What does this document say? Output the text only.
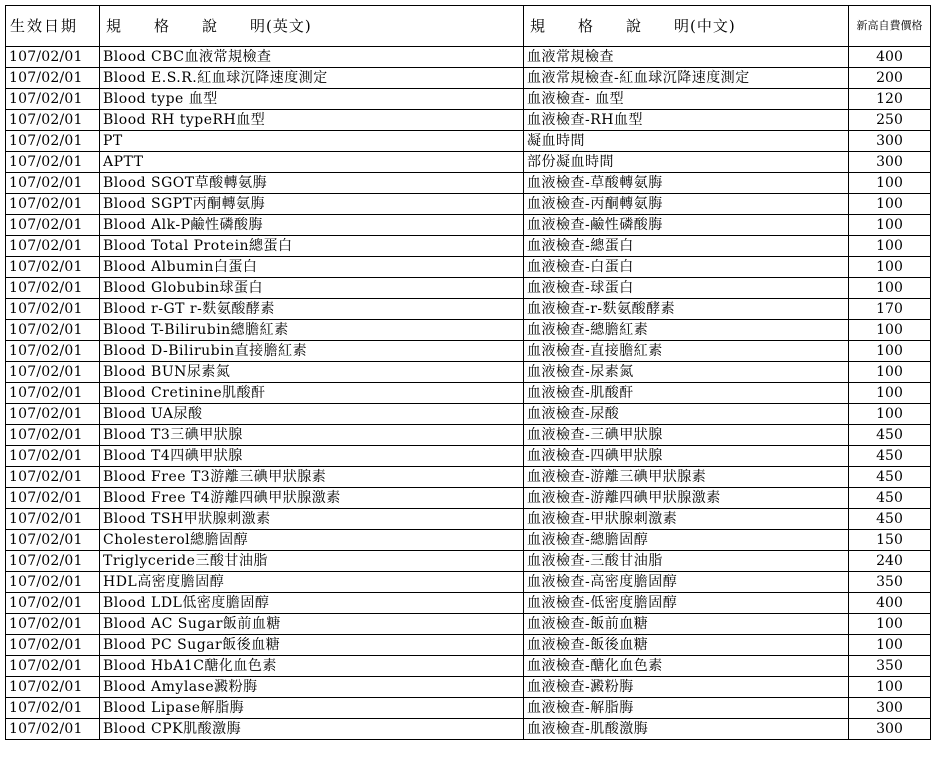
生效日期	規　　格　　說　　明(英文)	規　　格　　說　　明(中文)	新高自費價格
107/02/01	Blood CBC血液常規檢查	血液常規檢查	400
107/02/01	Blood E.S.R.紅血球沉降速度測定	血液常規檢查-紅血球沉降速度測定	200
107/02/01	Blood type 血型	血液檢查- 血型	120
107/02/01	Blood RH typeRH血型	血液檢查-RH血型	250
107/02/01	PT	凝血時間	300
107/02/01	APTT	部份凝血時間	300
107/02/01	Blood SGOT草酸轉氨脢	血液檢查-草酸轉氨脢	100
107/02/01	Blood SGPT丙酮轉氨脢	血液檢查-丙酮轉氨脢	100
107/02/01	Blood Alk-P鹼性磷酸脢	血液檢查-鹼性磷酸脢	100
107/02/01	Blood Total Protein總蛋白	血液檢查-總蛋白	100
107/02/01	Blood Albumin白蛋白	血液檢查-白蛋白	100
107/02/01	Blood Globubin球蛋白	血液檢查-球蛋白	100
107/02/01	Blood r-GT r-麩氨酸酵素	血液檢查-r-麩氨酸酵素	170
107/02/01	Blood T-Bilirubin總膽紅素	血液檢查-總膽紅素	100
107/02/01	Blood D-Bilirubin直接膽紅素	血液檢查-直接膽紅素	100
107/02/01	Blood BUN尿素氮	血液檢查-尿素氮	100
107/02/01	Blood Cretinine肌酸酐	血液檢查-肌酸酐	100
107/02/01	Blood UA尿酸	血液檢查-尿酸	100
107/02/01	Blood T3三碘甲狀腺	血液檢查-三碘甲狀腺	450
107/02/01	Blood T4四碘甲狀腺	血液檢查-四碘甲狀腺	450
107/02/01	Blood Free T3游離三碘甲狀腺素	血液檢查-游離三碘甲狀腺素	450
107/02/01	Blood Free T4游離四碘甲狀腺激素	血液檢查-游離四碘甲狀腺激素	450
107/02/01	Blood TSH甲狀腺刺激素	血液檢查-甲狀腺刺激素	450
107/02/01	Cholesterol總膽固醇	血液檢查-總膽固醇	150
107/02/01	Triglyceride三酸甘油脂	血液檢查-三酸甘油脂	240
107/02/01	HDL高密度膽固醇	血液檢查-高密度膽固醇	350
107/02/01	Blood LDL低密度膽固醇	血液檢查-低密度膽固醇	400
107/02/01	Blood AC Sugar飯前血糖	血液檢查-飯前血糖	100
107/02/01	Blood PC Sugar飯後血糖	血液檢查-飯後血糖	100
107/02/01	Blood HbA1C醣化血色素	血液檢查-醣化血色素	350
107/02/01	Blood Amylase澱粉脢	血液檢查-澱粉脢	100
107/02/01	Blood Lipase解脂脢	血液檢查-解脂脢	300
107/02/01	Blood CPK肌酸激脢	血液檢查-肌酸激脢	300
